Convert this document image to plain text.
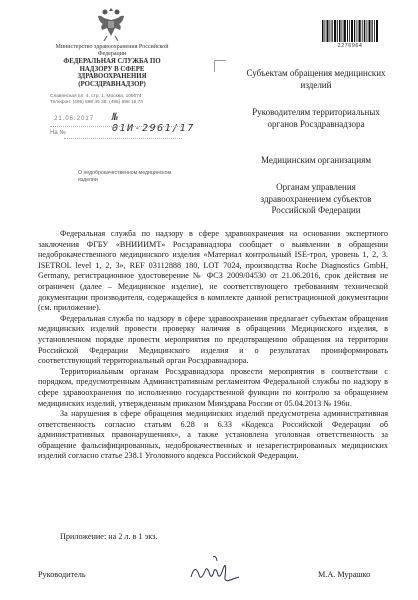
Министерство здравоохранения Российской Федерации
ФЕДЕРАЛЬНАЯ СЛУЖБА ПО НАДЗОРУ В СФЕРЕ ЗДРАВООХРАНЕНИЯ (РОСЗДРАВНАДЗОР)
Славянская пл. 4, стр. 1, Москва, 109074
Телефон: (495) 698 45 38; (495) 698 15 74
21.06.2017 № 01И-2961/17
На №
О недоброкачественном медицинском изделии
2276964
Субъектам обращения медицинских изделий
Руководителям территориальных органов Росздравнадзора
Медицинским организациям
Органам управления здравоохранением субъектов Российской Федерации

Федеральная служба по надзору в сфере здравоохранения на основании экспертного заключения ФГБУ «ВНИИИМТ» Росздравнадзора сообщает о выявлении в обращении недоброкачественного медицинского изделия «Материал контрольный ISE-трол, уровень 1, 2, 3. ISETROL level 1, 2, 3», REF 03112888 180, LOT 7024, производства Roche Diagnostics GmbH, Germany, регистрационное удостоверение № ФСЗ 2009/04530 от 21.06.2016, срок действия не ограничен (далее – Медицинское изделие), не соответствующего требованиям технической документации производителя, содержащейся в комплекте данной регистрационной документации (см. приложение).

Федеральная служба по надзору в сфере здравоохранения предлагает субъектам обращения медицинских изделий провести проверку наличия в обращении Медицинского изделия, в установленном порядке провести мероприятия по предотвращению обращения на территории Российской Федерации Медицинского изделия и о результатах проинформировать соответствующий территориальный орган Росздравнадзора.

Территориальным органам Росздравнадзора провести мероприятия в соответствии с порядком, предусмотренным Административным регламентом Федеральной службы по надзору в сфере здравоохранения по исполнению государственной функции по контролю за обращением медицинских изделий, утвержденным приказом Минздрава России от 05.04.2013 № 196н.

За нарушения в сфере обращения медицинских изделий предусмотрена административная ответственность согласно статьям 6.28 и 6.33 «Кодекса Российской Федерации об административных правонарушениях», а также установлена уголовная ответственность за обращение фальсифицированных, недоброкачественных и незарегистрированных медицинских изделий согласно статье 238.1 Уголовного кодекса Российской Федерации.

Приложение: на 2 л. в 1 экз.
Руководитель	М.А. Мурашко
